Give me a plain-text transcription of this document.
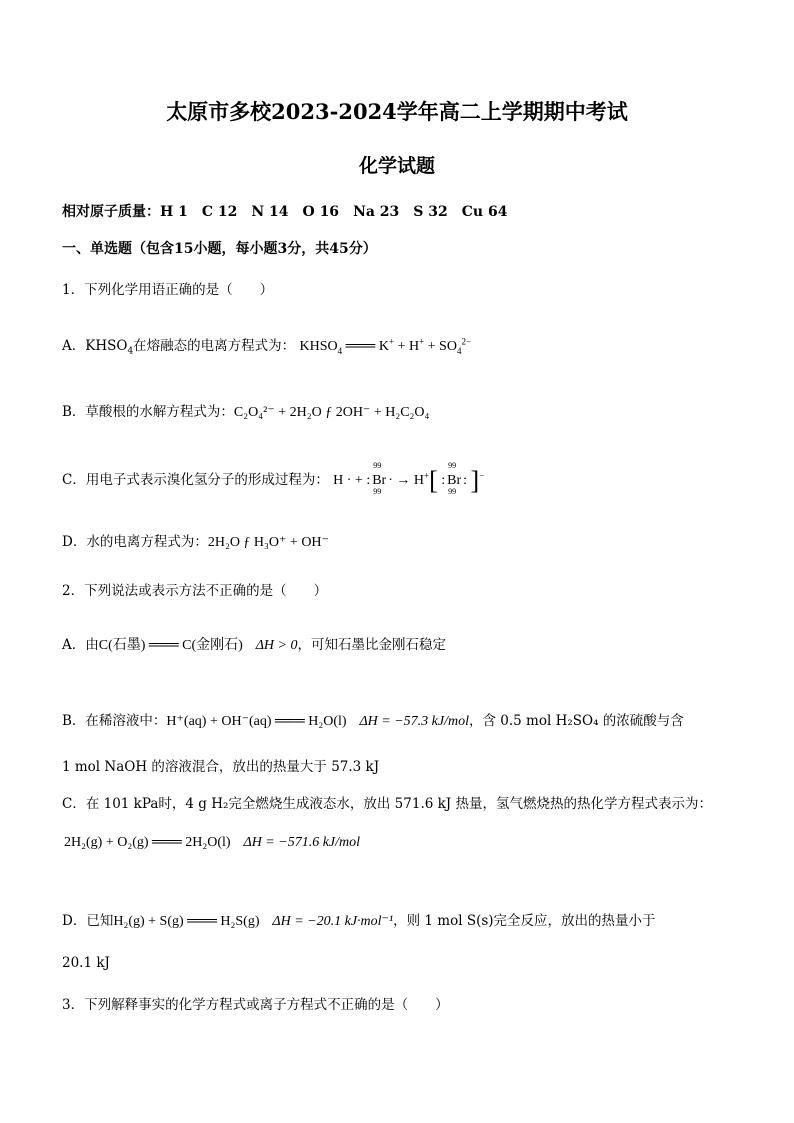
太原市多校2023-2024学年高二上学期期中考试
化学试题
相对原子质量：H 1 C 12 N 14 O 16 Na 23 S 32 Cu 64
一、单选题（包含15小题，每小题3分，共45分）
1．下列化学用语正确的是（　　）
A．$KHSO_4$在熔融态的电离方程式为： $KHSO_4$ ═══ $K^+ + H^+ + SO_4^{2-}$
B．草酸根的水解方程式为：C₂O₄²⁻ + 2H₂O ƒ 2OH⁻ + H₂C₂O₄
C．用电子式表示溴化氢分子的形成过程为： H · + :
99
Br
99
· → H+[ :
99
Br
99
: ]−
D．水的电离方程式为：2H₂O ƒ H₃O⁺ + OH⁻
2．下列说法或表示方法不正确的是（　　）
A．由C(石墨) ═══ C(金刚石) ΔH > 0，可知石墨比金刚石稳定
B．在稀溶液中：H⁺(aq) + OH⁻(aq) ═══ H₂O(l) ΔH = −57.3 kJ/mol，含 0.5 mol H₂SO₄ 的浓硫酸与含
1 mol NaOH 的溶液混合，放出的热量大于 57.3 kJ
C．在 101 kPa时，4 g H₂完全燃烧生成液态水，放出 571.6 kJ 热量，氢气燃烧热的热化学方程式表示为：
2H₂(g) + O₂(g) ═══ 2H₂O(l) ΔH = −571.6 kJ/mol
D．已知H₂(g) + S(g) ═══ H₂S(g) ΔH = −20.1 kJ·mol⁻¹，则 1 mol S(s)完全反应，放出的热量小于
20.1 kJ
3．下列解释事实的化学方程式或离子方程式不正确的是（　　）
